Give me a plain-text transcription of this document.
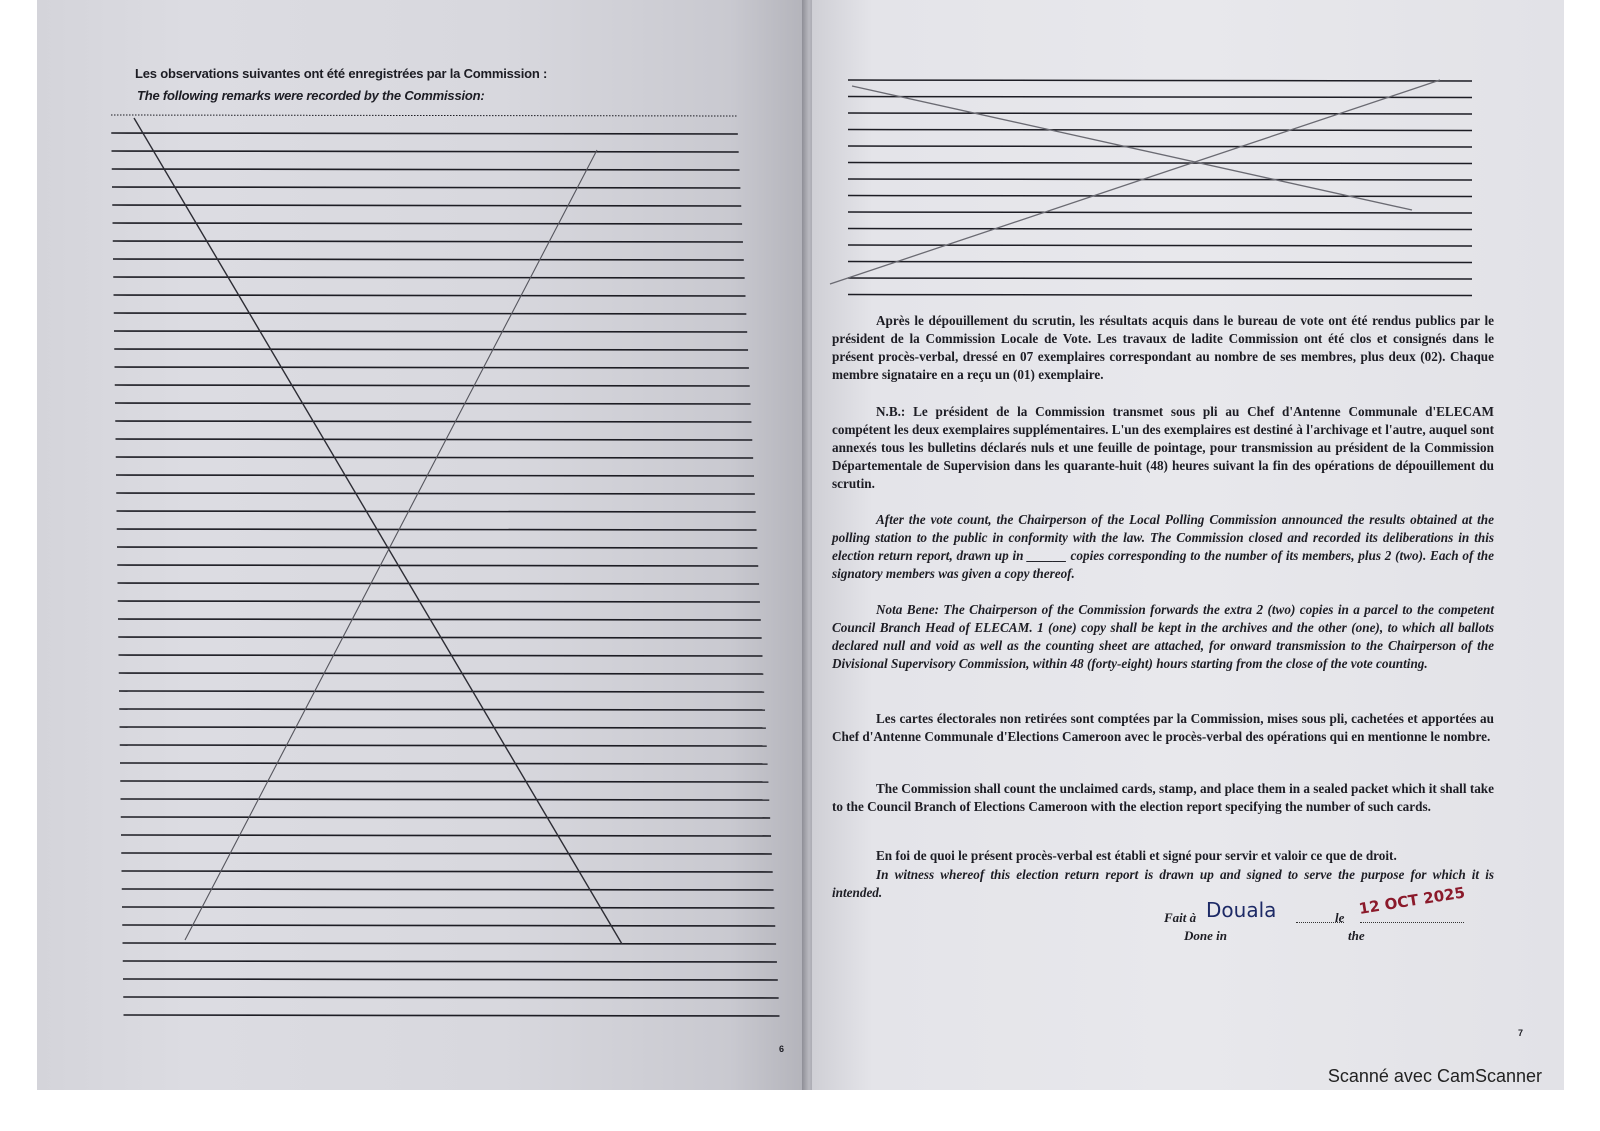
Les observations suivantes ont été enregistrées par la Commission :
The following remarks were recorded by the Commission:
6
Après le dépouillement du scrutin, les résultats acquis dans le bureau de vote ont été rendus publics par le président de la Commission Locale de Vote. Les travaux de ladite Commission ont été clos et consignés dans le présent procès-verbal, dressé en 07 exemplaires correspondant au nombre de ses membres, plus deux (02). Chaque membre signataire en a reçu un (01) exemplaire.
N.B.: Le président de la Commission transmet sous pli au Chef d'Antenne Communale d'ELECAM compétent les deux exemplaires supplémentaires. L'un des exemplaires est destiné à l'archivage et l'autre, auquel sont annexés tous les bulletins déclarés nuls et une feuille de pointage, pour transmission au président de la Commission Départementale de Supervision dans les quarante-huit (48) heures suivant la fin des opérations de dépouillement du scrutin.
After the vote count, the Chairperson of the Local Polling Commission announced the results obtained at the polling station to the public in conformity with the law. The Commission closed and recorded its deliberations in this election return report, drawn up in ______ copies corresponding to the number of its members, plus 2 (two). Each of the signatory members was given a copy thereof.
Nota Bene: The Chairperson of the Commission forwards the extra 2 (two) copies in a parcel to the competent Council Branch Head of ELECAM. 1 (one) copy shall be kept in the archives and the other (one), to which all ballots declared null and void as well as the counting sheet are attached, for onward transmission to the Chairperson of the Divisional Supervisory Commission, within 48 (forty-eight) hours starting from the close of the vote counting.
Les cartes électorales non retirées sont comptées par la Commission, mises sous pli, cachetées et apportées au Chef d'Antenne Communale d'Elections Cameroon avec le procès-verbal des opérations qui en mentionne le nombre.
The Commission shall count the unclaimed cards, stamp, and place them in a sealed packet which it shall take to the Council Branch of Elections Cameroon with the election report specifying the number of such cards.
En foi de quoi le présent procès-verbal est établi et signé pour servir et valoir ce que de droit.
In witness whereof this election return report is drawn up and signed to serve the purpose for which it is intended.
Fait à
Done in
Douala	le
the
12 OCT 2025
7
Scanné avec CamScanner
